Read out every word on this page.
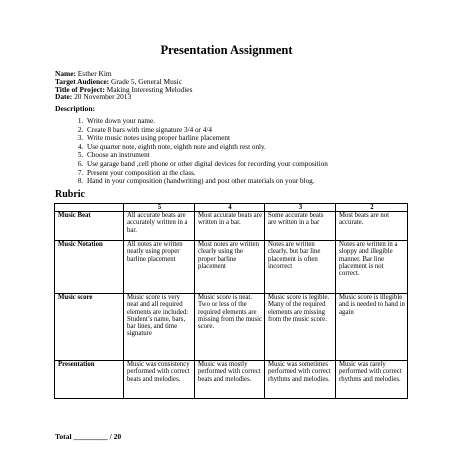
Presentation Assignment
Name: Esther Kim
Target Audience: Grade 5, General Music
Title of Project: Making Interesting Melodies
Date: 20 November 2013
Description:
1. Write down your name.
2. Create 8 bars with time signature 3/4 or 4/4
3. Write music notes using proper barline placement
4. Use quarter note, eighth note, eighth note and eighth rest only.
5. Choose an instrument
6. Use garage band ,cell phone or other digital devices for recording your composition
7. Present your composition at the class.
8. Hand in your composition (handwriting) and post other materials on your blog.
Rubric
	5	4	3	2
Music Beat	All accurate beats are accurately written in a bar.	Most accurate beats are written in a bar.	Some accurate beats are written in a bar	Most beats are not accurate.
Music Notation	All notes are written neatly using proper barline placement	Most notes are written clearly using the proper barline placement	Notes are written clearly, but bar line placement is often incorrect	Notes are written in a sloppy and illegible manner. Bar line placement is not correct.
Music score	Music score is very neat and all required elements are included: Student’s name, bars, bar lines, and time signature	Music score is neat. Two or less of the required elements are missing from the music score.	Music score is legible. Many of the required elements are missing from the music score.	Music score is illegible and is needed to hand in again
Presentation	Music was consistency performed with correct beats and melodies.	Music was mostly performed with correct beats and melodies.	Music was sometimes performed with correct rhythms and melodies.	Music was rarely performed with correct rhythms and melodies.
Total _________ / 20
